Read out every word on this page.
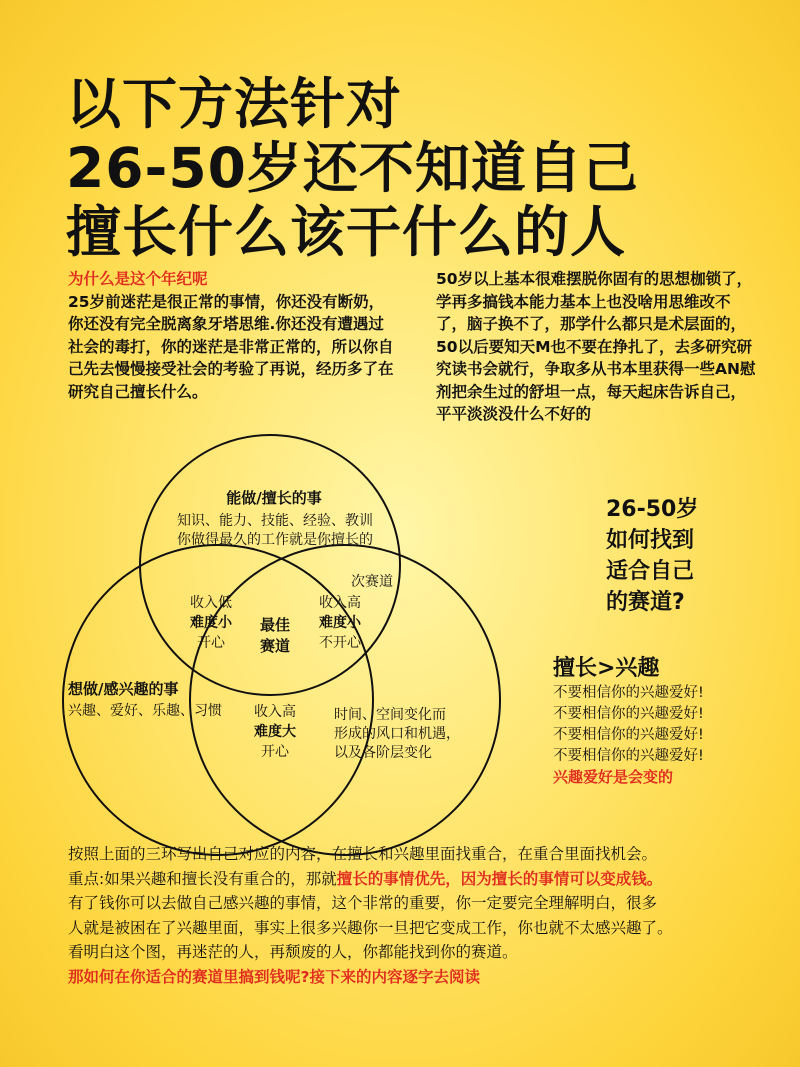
以下方法针对
26-50岁还不知道自己
擅长什么该干什么的人
为什么是这个年纪呢
25岁前迷茫是很正常的事情，你还没有断奶，你还没有完全脱离象牙塔思维.你还没有遭遇过社会的毒打，你的迷茫是非常正常的，所以你自己先去慢慢接受社会的考验了再说，经历多了在研究自己擅长什么。
50岁以上基本很难摆脱你固有的思想枷锁了，学再多搞钱本能力基本上也没啥用思维改不了，脑子换不了，那学什么都只是术层面的，50以后要知天M也不要在挣扎了，去多研究研究读书会就行，争取多从书本里获得一些AN慰剂把余生过的舒坦一点，每天起床告诉自己，平平淡淡没什么不好的
能做/擅长的事
知识、能力、技能、经验、教训
你做得最久的工作就是你擅长的
次赛道
收入低
难度小
开心
收入高
难度小
不开心
最佳
赛道
想做/感兴趣的事
兴趣、爱好、乐趣、习惯	收入高
难度大
开心
时间、空间变化而
形成的风口和机遇，
以及各阶层变化
26-50岁
如何找到
适合自己
的赛道?
擅长>兴趣
不要相信你的兴趣爱好!
不要相信你的兴趣爱好!
不要相信你的兴趣爱好!
不要相信你的兴趣爱好!
兴趣爱好是会变的
按照上面的三环写出自己对应的内容，在擅长和兴趣里面找重合，在重合里面找机会。
重点:如果兴趣和擅长没有重合的，那就擅长的事情优先，因为擅长的事情可以变成钱。
有了钱你可以去做自己感兴趣的事情，这个非常的重要，你一定要完全理解明白，很多
人就是被困在了兴趣里面，事实上很多兴趣你一旦把它变成工作，你也就不太感兴趣了。
看明白这个图，再迷茫的人，再颓废的人，你都能找到你的赛道。
那如何在你适合的赛道里搞到钱呢?接下来的内容逐字去阅读
